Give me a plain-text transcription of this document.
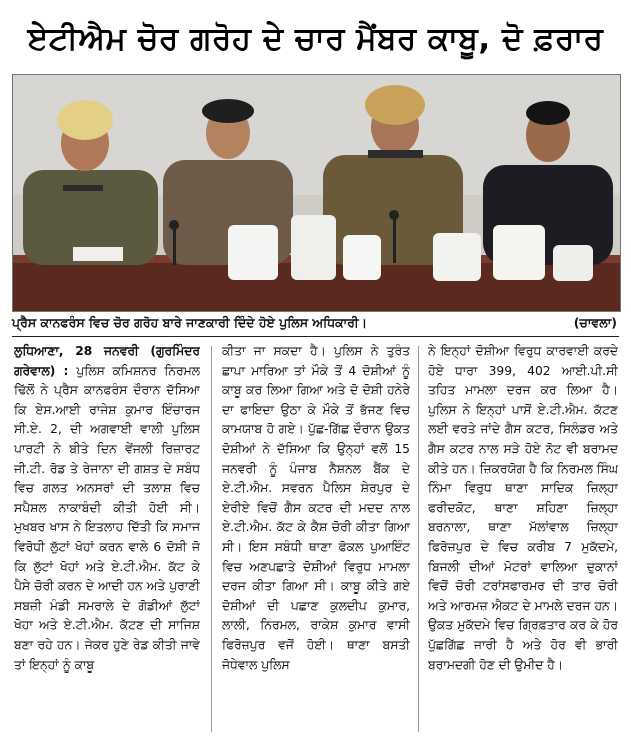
ਏਟੀਐਮ ਚੋਰ ਗਰੋਹ ਦੇ ਚਾਰ ਮੈਂਬਰ ਕਾਬੂ, ਦੋ ਫ਼ਰਾਰ
ਪ੍ਰੈਸ ਕਾਨਫਰੰਸ ਵਿਚ ਚੋਰ ਗਰੋਹ ਬਾਰੇ ਜਾਣਕਾਰੀ ਦਿੰਦੇ ਹੋਏ ਪੁਲਿਸ ਅਧਿਕਾਰੀ।	(ਚਾਵਲਾ)

ਲੁਧਿਆਣਾ, 28 ਜਨਵਰੀ (ਗੁਰਮਿੰਦਰ ਗਰੇਵਾਲ) : ਪੁਲਿਸ ਕਮਿਸ਼ਨਰ ਨਿਰਮਲ ਢਿੱਲੋਂ ਨੇ ਪ੍ਰੈਸ ਕਾਨਫਰੰਸ ਦੌਰਾਨ ਦੱਸਿਆ ਕਿ ਏਸ.ਆਈ ਰਾਜੇਸ਼ ਕੁਮਾਰ ਇੰਚਾਰਜ ਸੀ.ਏ. 2, ਦੀ ਅਗਵਾਈ ਵਾਲੀ ਪੁਲਿਸ ਪਾਰਟੀ ਨੇ ਬੀਤੇ ਦਿਨ ਵੇਂਜਲੀ ਰਿਜ਼ਾਰਟ ਜੀ.ਟੀ. ਰੋਡ ਤੇ ਰੇਜਾਨਾ ਦੀ ਗਸ਼ਤ ਦੇ ਸਬੰਧ ਵਿਚ ਗਲਤ ਅਨਸਰਾਂ ਦੀ ਤਲਾਸ਼ ਵਿਚ ਸਪੈਸ਼ਲ ਨਾਕਾਬੰਦੀ ਕੀਤੀ ਹੋਈ ਸੀ। ਮੁਖਬਰ ਖਾਸ ਨੇ ਇਤਲਾਹ ਦਿੱਤੀ ਕਿ ਸਮਾਜ ਵਿਰੋਧੀ ਲੁੱਟਾਂ ਖੋਹਾਂ ਕਰਨ ਵਾਲੇ 6 ਦੋਸ਼ੀ ਜੋ ਕਿ ਲੁੱਟਾਂ ਖੋਹਾਂ ਅਤੇ ਏ.ਟੀ.ਐਮ. ਕੱਟ ਕੇ ਪੈਸੇ ਚੋਰੀ ਕਰਨ ਦੇ ਆਦੀ ਹਨ ਅਤੇ ਪੁਰਾਣੀ ਸਬਜ਼ੀ ਮੰਡੀ ਸਮਰਾਲੇ ਦੇ ਗੋਡੀਆਂ ਲੁੱਟਾਂ ਖੋਹਾ ਅਤੇ ਏ.ਟੀ.ਐਮ. ਕੱਟਣ ਦੀ ਸਾਜਿਸ਼ ਬਣਾ ਰਹੇ ਹਨ। ਜੇਕਰ ਹੁਣੇ ਰੇਡ ਕੀਤੀ ਜਾਵੇ ਤਾਂ ਇਨ੍ਹਾਂ ਨੂੰ ਕਾਬੂ

ਕੀਤਾ ਜਾ ਸਕਦਾ ਹੈ। ਪੁਲਿਸ ਨੇ ਤੁਰੰਤ ਛਾਪਾ ਮਾਰਿਆ ਤਾਂ ਮੌਕੇ ਤੋਂ 4 ਦੋਸ਼ੀਆਂ ਨੂੰ ਕਾਬੂ ਕਰ ਲਿਆ ਗਿਆ ਅਤੇ ਦੋ ਦੋਸ਼ੀ ਹਨੇਰੇ ਦਾ ਫਾਇਦਾ ਉਠਾ ਕੇ ਮੌਕੇ ਤੋਂ ਭੱਜਣ ਵਿਚ ਕਾਮਯਾਬ ਹੋ ਗਏ। ਪੁੱਛ-ਗਿੱਛ ਦੌਰਾਨ ਉਕਤ ਦੋਸ਼ੀਆਂ ਨੇ ਦੱਸਿਆ ਕਿ ਉਨ੍ਹਾਂ ਵਲੋਂ 15 ਜਨਵਰੀ ਨੂੰ ਪੰਜਾਬ ਨੈਸ਼ਨਲ ਬੈਂਕ ਦੇ ਏ.ਟੀ.ਐਮ. ਸਵਰਨ ਪੈਲਿਸ ਸ਼ੇਰਪੁਰ ਦੇ ਏਰੀਏ ਵਿਚੋਂ ਗੈਸ ਕਟਰ ਦੀ ਮਦਦ ਨਾਲ ਏ.ਟੀ.ਐਮ. ਕੱਟ ਕੇ ਕੈਸ਼ ਚੋਰੀ ਕੀਤਾ ਗਿਆ ਸੀ। ਇਸ ਸਬੰਧੀ ਥਾਣਾ ਫੋਕਲ ਪੁਆਇੰਟ ਵਿਚ ਅਣਪਛਾਤੇ ਦੋਸ਼ੀਆਂ ਵਿਰੁਧ ਮਾਮਲਾ ਦਰਜ ਕੀਤਾ ਗਿਆ ਸੀ। ਕਾਬੂ ਕੀਤੇ ਗਏ ਦੋਸ਼ੀਆਂ ਦੀ ਪਛਾਣ ਕੁਲਦੀਪ ਕੁਮਾਰ, ਲਾਲੀ, ਨਿਰਮਲ, ਰਾਕੇਸ਼ ਕੁਮਾਰ ਵਾਸੀ ਫਿਰੋਜ਼ਪੁਰ ਵਜੋਂ ਹੋਈ। ਥਾਣਾ ਬਸਤੀ ਜੋਧੇਵਾਲ ਪੁਲਿਸ

ਨੇ ਇਨ੍ਹਾਂ ਦੋਸ਼ੀਆ ਵਿਰੁਧ ਕਾਰਵਾਈ ਕਰਦੇ ਹੋਏ ਧਾਰਾ 399, 402 ਆਈ.ਪੀ.ਸੀ ਤਹਿਤ ਮਾਮਲਾ ਦਰਜ ਕਰ ਲਿਆ ਹੈ। ਪੁਲਿਸ ਨੇ ਇਨ੍ਹਾਂ ਪਾਸੋਂ ਏ.ਟੀ.ਐਮ. ਕੱਟਣ ਲਈ ਵਰਤੇ ਜਾਂਦੇ ਗੈਸ ਕਟਰ, ਸਿਲੰਡਰ ਅਤੇ ਗੈਸ ਕਟਰ ਨਾਲ ਸੜੇ ਹੋਏ ਨੋਟ ਵੀ ਬਰਾਮਦ ਕੀਤੇ ਹਨ। ਜ਼ਿਕਰਯੋਗ ਹੈ ਕਿ ਨਿਰਮਲ ਸਿੰਘ ਨਿੰਮਾ ਵਿਰੁਧ ਥਾਣਾ ਸਾਦਿਕ ਜ਼ਿਲ੍ਹਾ ਫਰੀਦਕੋਟ, ਥਾਣਾ ਸ਼ਹਿਣਾ ਜ਼ਿਲ੍ਹਾ ਬਰਨਾਲਾ, ਥਾਣਾ ਮੱਲਾਂਵਾਲ ਜ਼ਿਲ੍ਹਾ ਫਿਰੋਜ਼ਪੁਰ ਦੇ ਵਿਚ ਕਰੀਬ 7 ਮੁਕੱਦਮੇ, ਬਿਜਲੀ ਦੀਆਂ ਮੋਟਰਾਂ ਵਾਲਿਆ ਦੁਕਾਨਾਂ ਵਿਚੋਂ ਚੋਰੀ ਟਰਾਂਸਫਾਰਮਰ ਦੀ ਤਾਰ ਚੋਰੀ ਅਤੇ ਆਰਮਜ਼ ਐਕਟ ਦੇ ਮਾਮਲੇ ਦਰਜ ਹਨ। ਉਕਤ ਮੁਕੱਦਮੇ ਵਿਚ ਗ੍ਰਿਫ਼ਤਾਰ ਕਰ ਕੇ ਹੋਰ ਪੁੱਛਗਿੱਛ ਜਾਰੀ ਹੈ ਅਤੇ ਹੋਰ ਵੀ ਭਾਰੀ ਬਰਾਮਦਗੀ ਹੋਣ ਦੀ ਉਮੀਦ ਹੈ।
